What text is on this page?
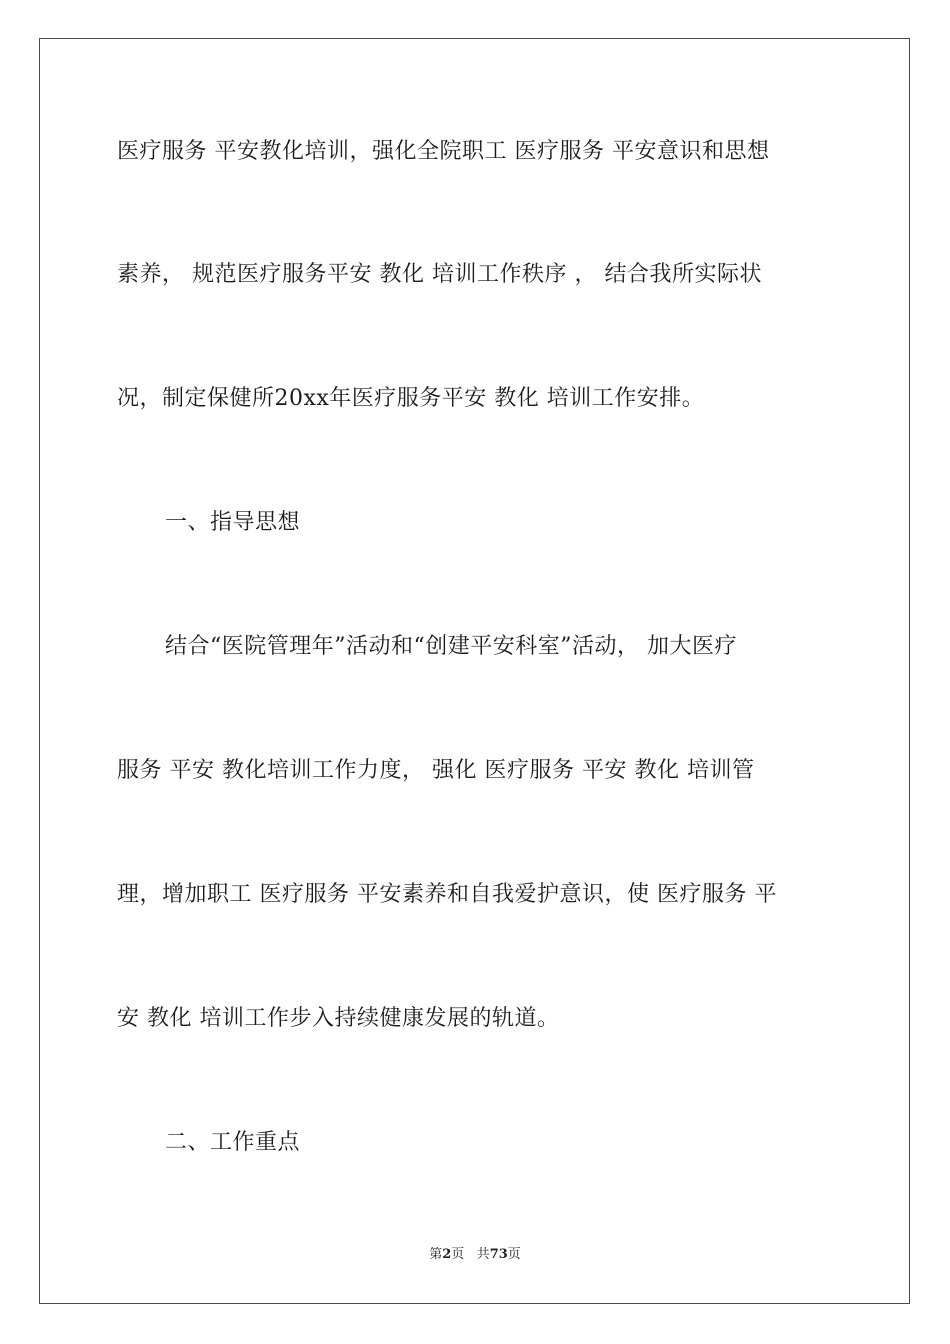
医疗服务 平安教化培训，强化全院职工 医疗服务 平安意识和思想
素养， 规范医疗服务平安 教化 培训工作秩序 ， 结合我所实际状
况，制定保健所20xx年医疗服务平安 教化 培训工作安排。
一、指导思想
结合“医院管理年”活动和“创建平安科室”活动， 加大医疗
服务 平安 教化培训工作力度， 强化 医疗服务 平安 教化 培训管
理，增加职工 医疗服务 平安素养和自我爱护意识，使 医疗服务 平
安 教化 培训工作步入持续健康发展的轨道。
二、工作重点
第2页 共73页
